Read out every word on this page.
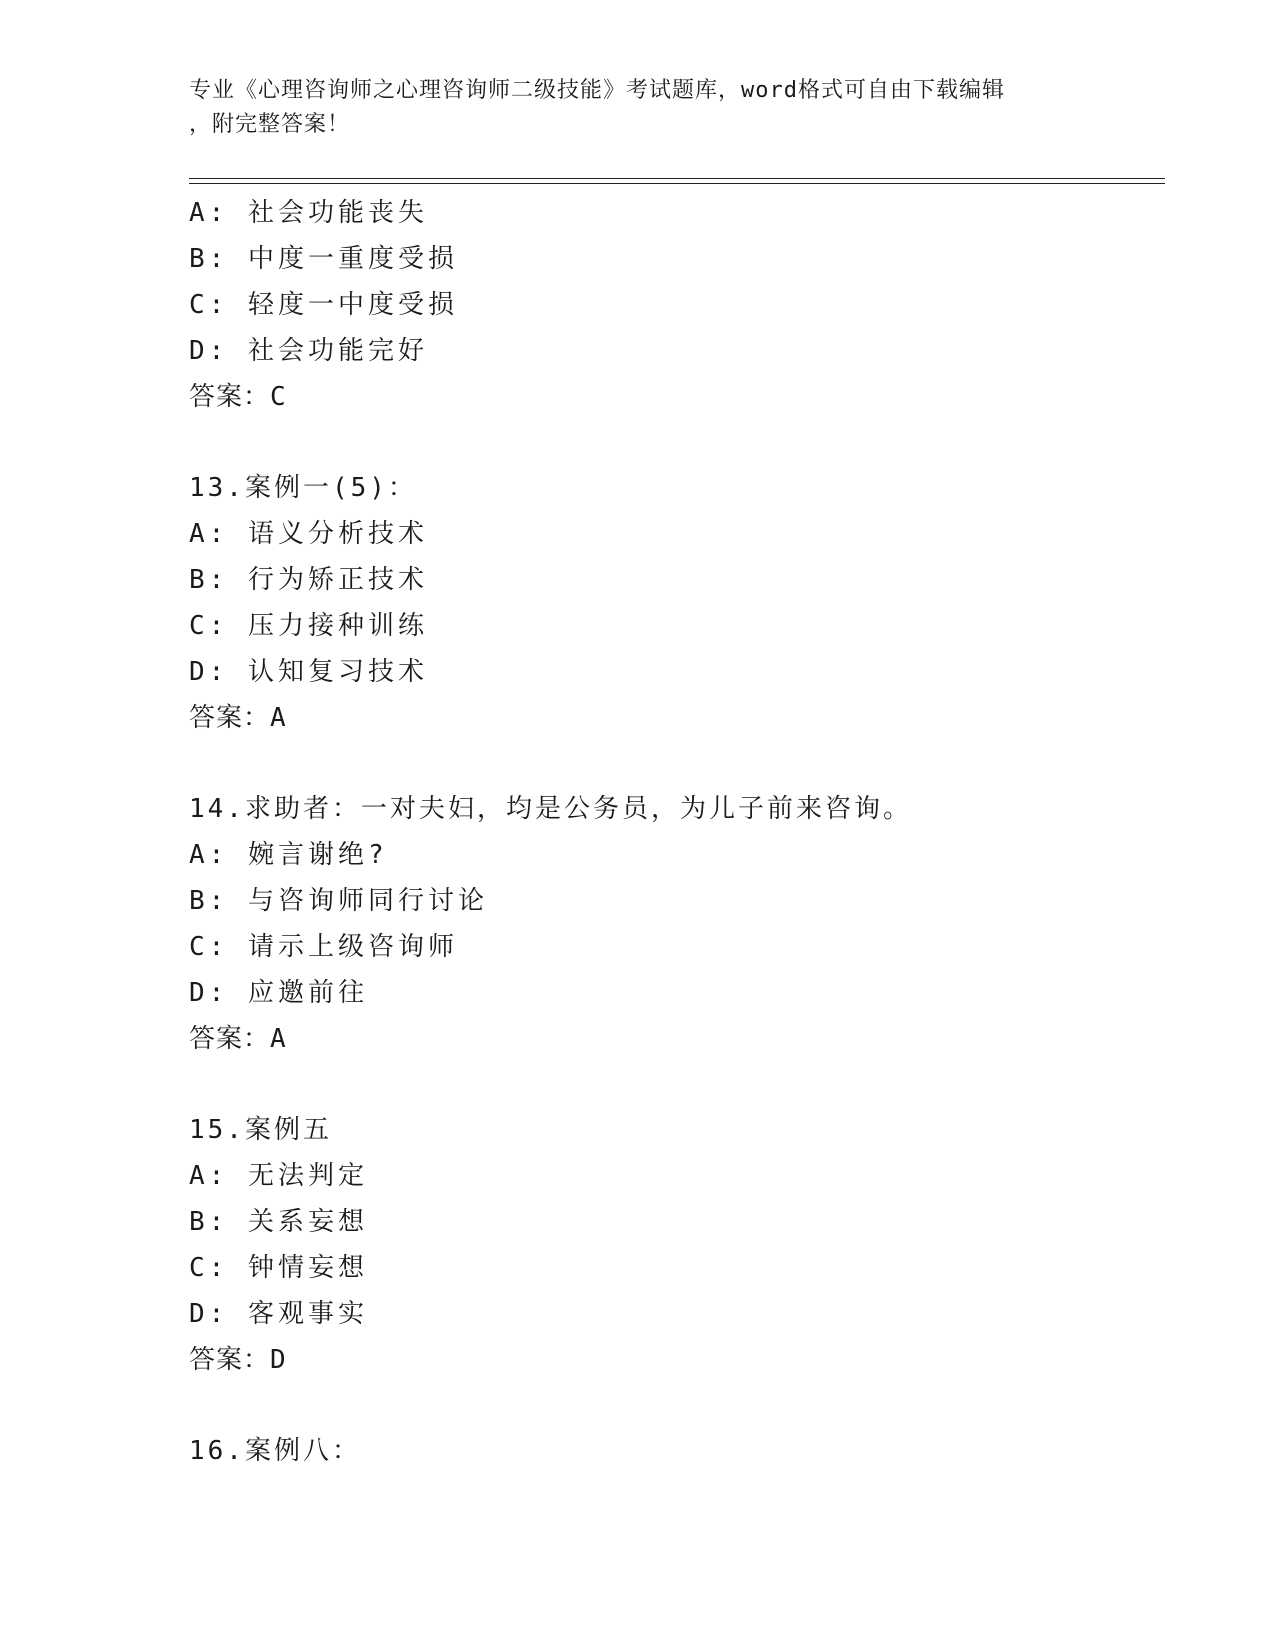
专业《心理咨询师之心理咨询师二级技能》考试题库，word格式可自由下载编辑
，附完整答案！
A: 社会功能丧失
B: 中度一重度受损
C: 轻度一中度受损
D: 社会功能完好
答案：C
13.案例一(5)：
A: 语义分析技术
B: 行为矫正技术
C: 压力接种训练
D: 认知复习技术
答案：A
14.求助者：一对夫妇，均是公务员，为儿子前来咨询。
A: 婉言谢绝?
B: 与咨询师同行讨论
C: 请示上级咨询师
D: 应邀前往
答案：A
15.案例五
A: 无法判定
B: 关系妄想
C: 钟情妄想
D: 客观事实
答案：D
16.案例八：
